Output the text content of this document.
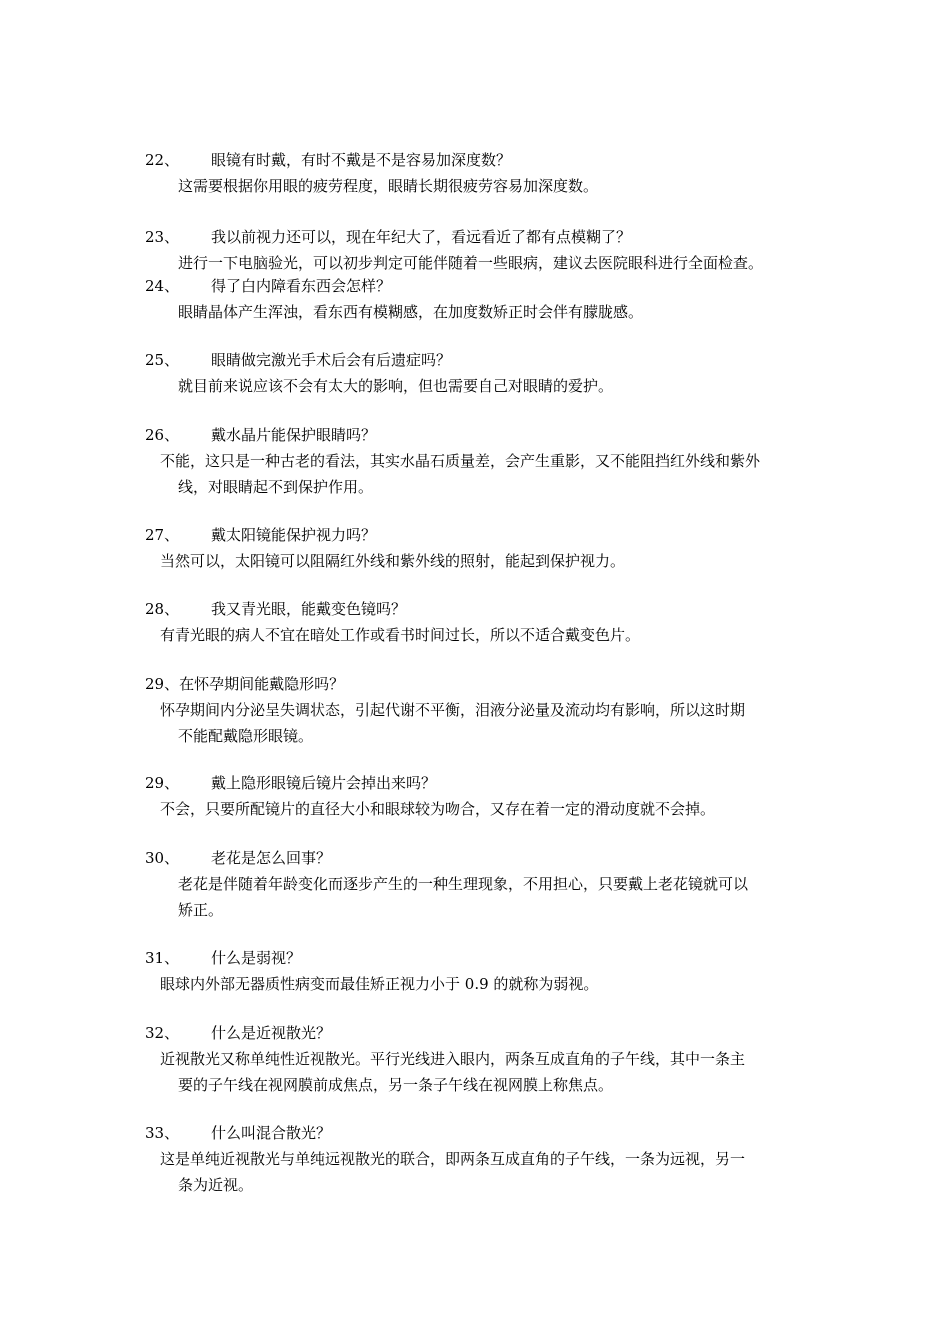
22、 眼镜有时戴，有时不戴是不是容易加深度数？
这需要根据你用眼的疲劳程度，眼睛长期很疲劳容易加深度数。
23、 我以前视力还可以，现在年纪大了，看远看近了都有点模糊了？
进行一下电脑验光，可以初步判定可能伴随着一些眼病，建议去医院眼科进行全面检查。
24、 得了白内障看东西会怎样？
眼睛晶体产生浑浊，看东西有模糊感，在加度数矫正时会伴有朦胧感。
25、 眼睛做完激光手术后会有后遗症吗？
就目前来说应该不会有太大的影响，但也需要自己对眼睛的爱护。
26、 戴水晶片能保护眼睛吗？
不能，这只是一种古老的看法，其实水晶石质量差，会产生重影，又不能阻挡红外线和紫外
线，对眼睛起不到保护作用。
27、 戴太阳镜能保护视力吗？
当然可以，太阳镜可以阻隔红外线和紫外线的照射，能起到保护视力。
28、 我又青光眼，能戴变色镜吗？
有青光眼的病人不宜在暗处工作或看书时间过长，所以不适合戴变色片。
29、在怀孕期间能戴隐形吗？
怀孕期间内分泌呈失调状态，引起代谢不平衡，泪液分泌量及流动均有影响，所以这时期
不能配戴隐形眼镜。
29、 戴上隐形眼镜后镜片会掉出来吗？
不会，只要所配镜片的直径大小和眼球较为吻合，又存在着一定的滑动度就不会掉。
30、 老花是怎么回事？
老花是伴随着年龄变化而逐步产生的一种生理现象，不用担心，只要戴上老花镜就可以
矫正。
31、 什么是弱视？
眼球内外部无器质性病变而最佳矫正视力小于 0.9 的就称为弱视。
32、 什么是近视散光？
近视散光又称单纯性近视散光。平行光线进入眼内，两条互成直角的子午线，其中一条主
要的子午线在视网膜前成焦点，另一条子午线在视网膜上称焦点。
33、 什么叫混合散光？
这是单纯近视散光与单纯远视散光的联合，即两条互成直角的子午线，一条为远视，另一
条为近视。
